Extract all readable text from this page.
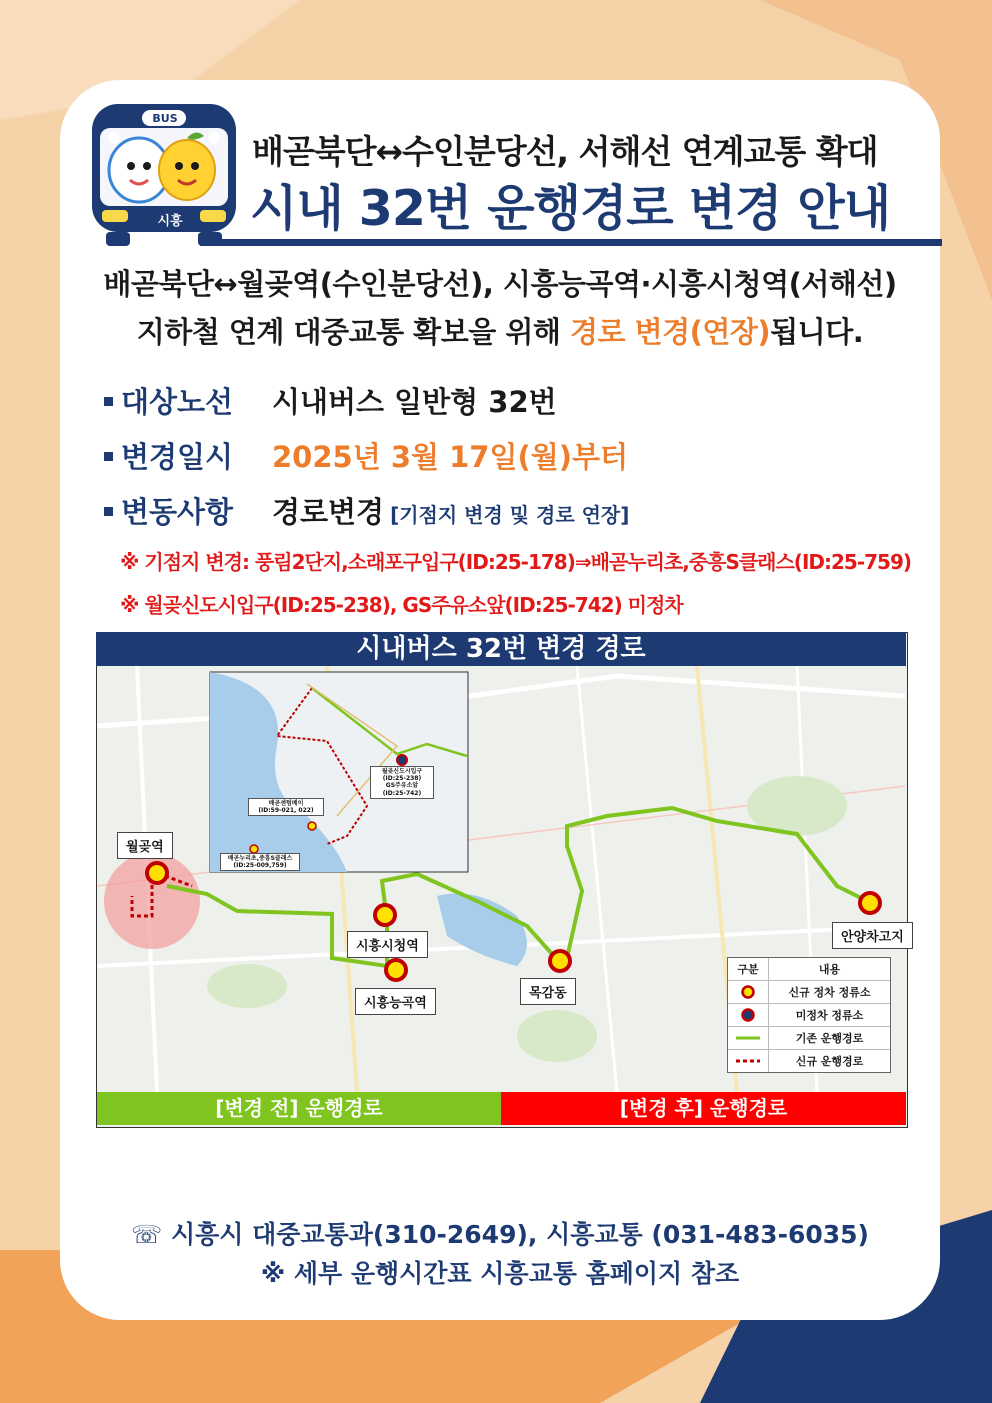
BUS
시흥
배곧북단↔수인분당선, 서해선 연계교통 확대
시내 32번 운행경로 변경 안내
배곧북단↔월곶역(수인분당선), 시흥능곡역·시흥시청역(서해선)
지하철 연계 대중교통 확보을 위해 경로 변경(연장)됩니다.
대상노선 시내버스 일반형 32번
변경일시 2025년 3월 17일(월)부터
변동사항 경로변경 [기점지 변경 및 경로 연장]
※ 기점지 변경: 풍림2단지,소래포구입구(ID:25-178)⇒배곧누리초,중흥S클래스(ID:25-759)
※ 월곶신도시입구(ID:25-238), GS주유소앞(ID:25-742) 미정차
시내버스 32번 변경 경로
월곶신도시입구
(ID:25-238)
GS주유소앞
(ID:25-742)
배곧센텀베이
(ID:59-021, 022)
배곧누리초,중흥S클래스
(ID:25-009,759)
월곶역
시흥시청역
시흥능곡역
목감동
안양차고지
구분	내용
신규 정차 정류소
미정차 정류소
기존 운행경로
신규 운행경로
[변경 전] 운행경로	[변경 후] 운행경로
☏ 시흥시 대중교통과(310-2649), 시흥교통 (031-483-6035)
※ 세부 운행시간표 시흥교통 홈페이지 참조
